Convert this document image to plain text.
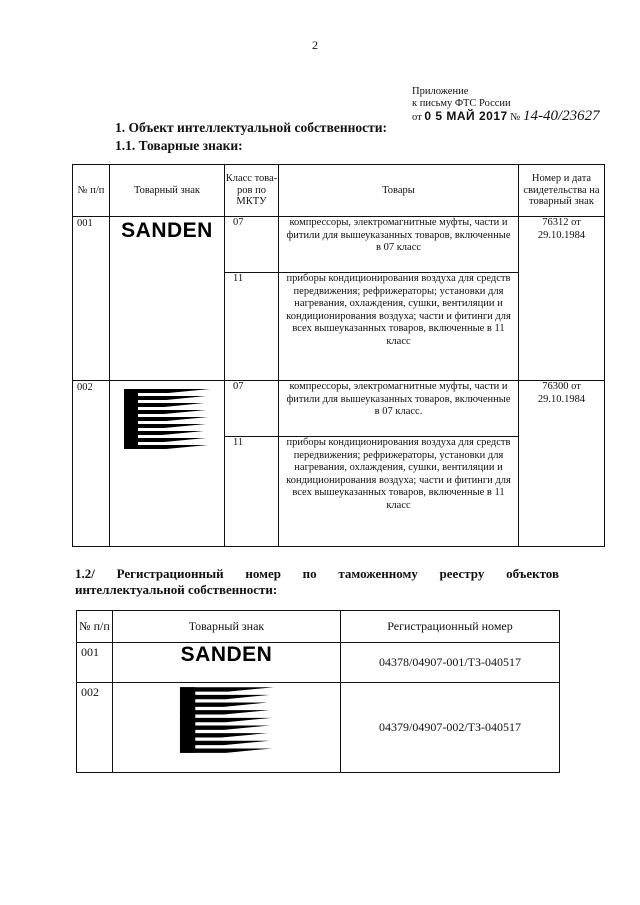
2
Приложение
к письму ФТС России
от 0 5 МАЙ 2017 № 14-40/23627
1. Объект интеллектуальной собственности:
1.1. Товарные знаки:
№ п/п	Товарный знак	Класс това-ров по МКТУ	Товары	Номер и дата свидетельства на товарный знак
001	SANDEN	07	компрессоры, электромагнитные муфты, части и фитили для вышеуказанных товаров, включенные в 07 класс	76312 от 29.10.1984
		11	приборы кондиционирования воздуха для средств передвижения; рефрижераторы; установки для нагревания, охлаждения, сушки, вентиляции и кондиционирования воздуха; части и фитинги для всех вышеуказанных товаров, включенные в 11 класс	
002		07	компрессоры, электромагнитные муфты, части и фитили для вышеуказанных товаров, включенные в 07 класс.	76300 от 29.10.1984
		11	приборы кондиционирования воздуха для средств передвижения; рефрижераторы, установки для нагревания, охлаждения, сушки, вентиляции и кондиционирования воздуха; части и фитинги для всех вышеуказанных товаров, включенные в 11 класс	
1.2/ Регистрационный номер по таможенному реестру объектов
интеллектуальной собственности:
№ п/п	Товарный знак	Регистрационный номер
001	SANDEN	04378/04907-001/ТЗ-040517
002		04379/04907-002/ТЗ-040517
